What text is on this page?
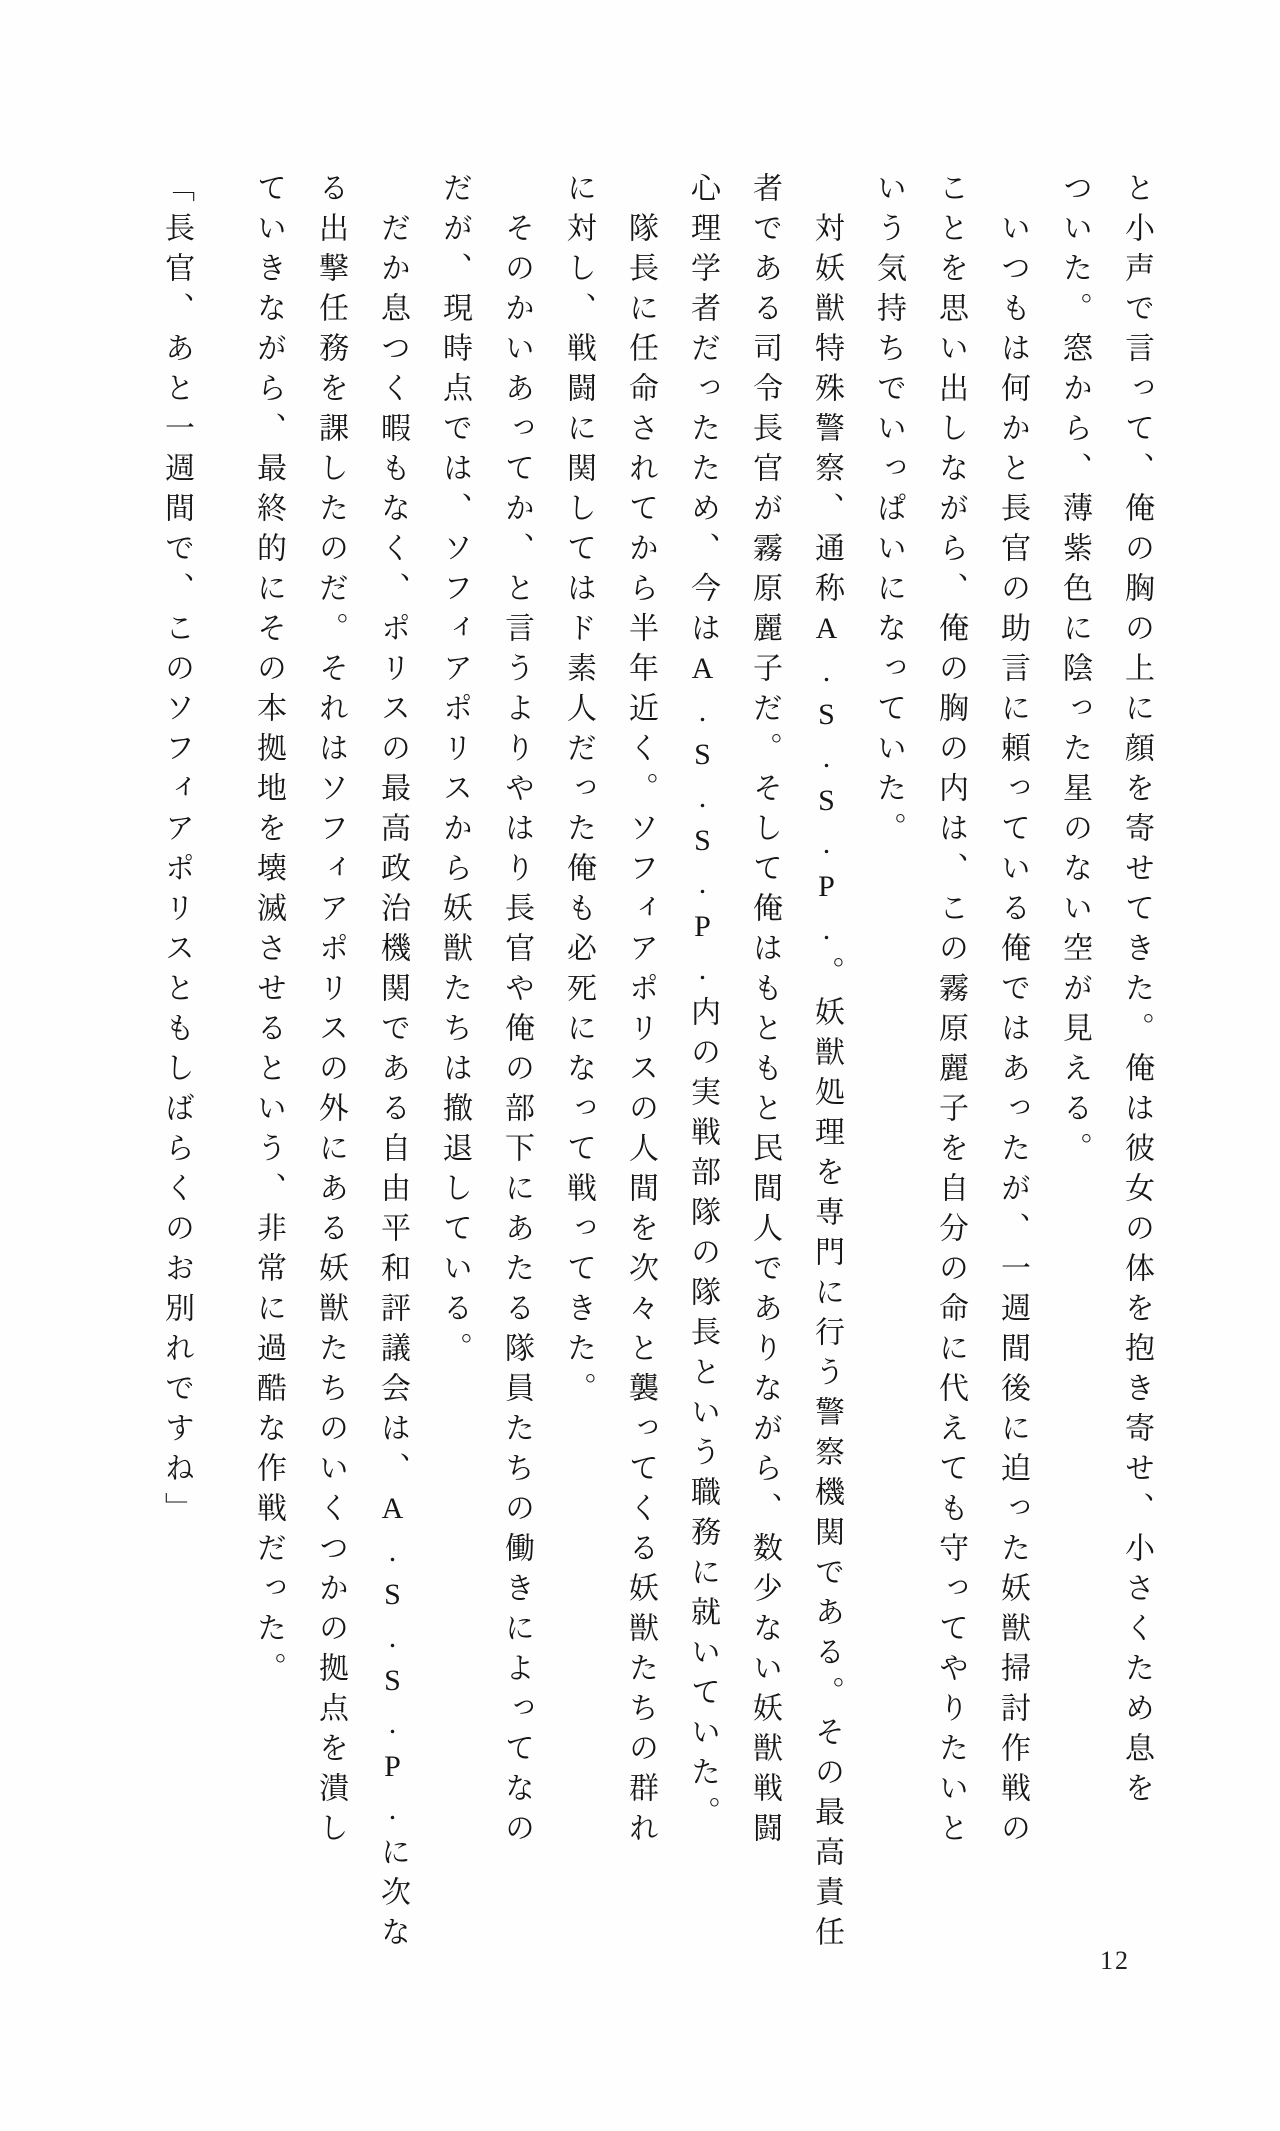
と小声で言って、俺の胸の上に顔を寄せてきた。俺は彼女の体を抱き寄せ、小さくため息を
ついた。窓から、薄紫色に陰った星のない空が見える。
　いつもは何かと長官の助言に頼っている俺ではあったが、一週間後に迫った妖獣掃討作戦の
ことを思い出しながら、俺の胸の内は、この霧原麗子を自分の命に代えても守ってやりたいと
いう気持ちでいっぱいになっていた。
　対妖獣特殊警察、通称A.S.S.P.。妖獣処理を専門に行う警察機関である。その最高責任
者である司令長官が霧原麗子だ。そして俺はもともと民間人でありながら、数少ない妖獣戦闘
心理学者だったため、今はA.S.S.P.内の実戦部隊の隊長という職務に就いていた。
　隊長に任命されてから半年近く。ソフィアポリスの人間を次々と襲ってくる妖獣たちの群れ
に対し、戦闘に関してはド素人だった俺も必死になって戦ってきた。
　そのかいあってか、と言うよりやはり長官や俺の部下にあたる隊員たちの働きによってなの
だが、現時点では、ソフィアポリスから妖獣たちは撤退している。
　だか息つく暇もなく、ポリスの最高政治機関である自由平和評議会は、A.S.S.P.に次な
る出撃任務を課したのだ。それはソフィアポリスの外にある妖獣たちのいくつかの拠点を潰し
ていきながら、最終的にその本拠地を壊滅させるという、非常に過酷な作戦だった。
「長官、あと一週間で、このソフィアポリスともしばらくのお別れですね」
12
